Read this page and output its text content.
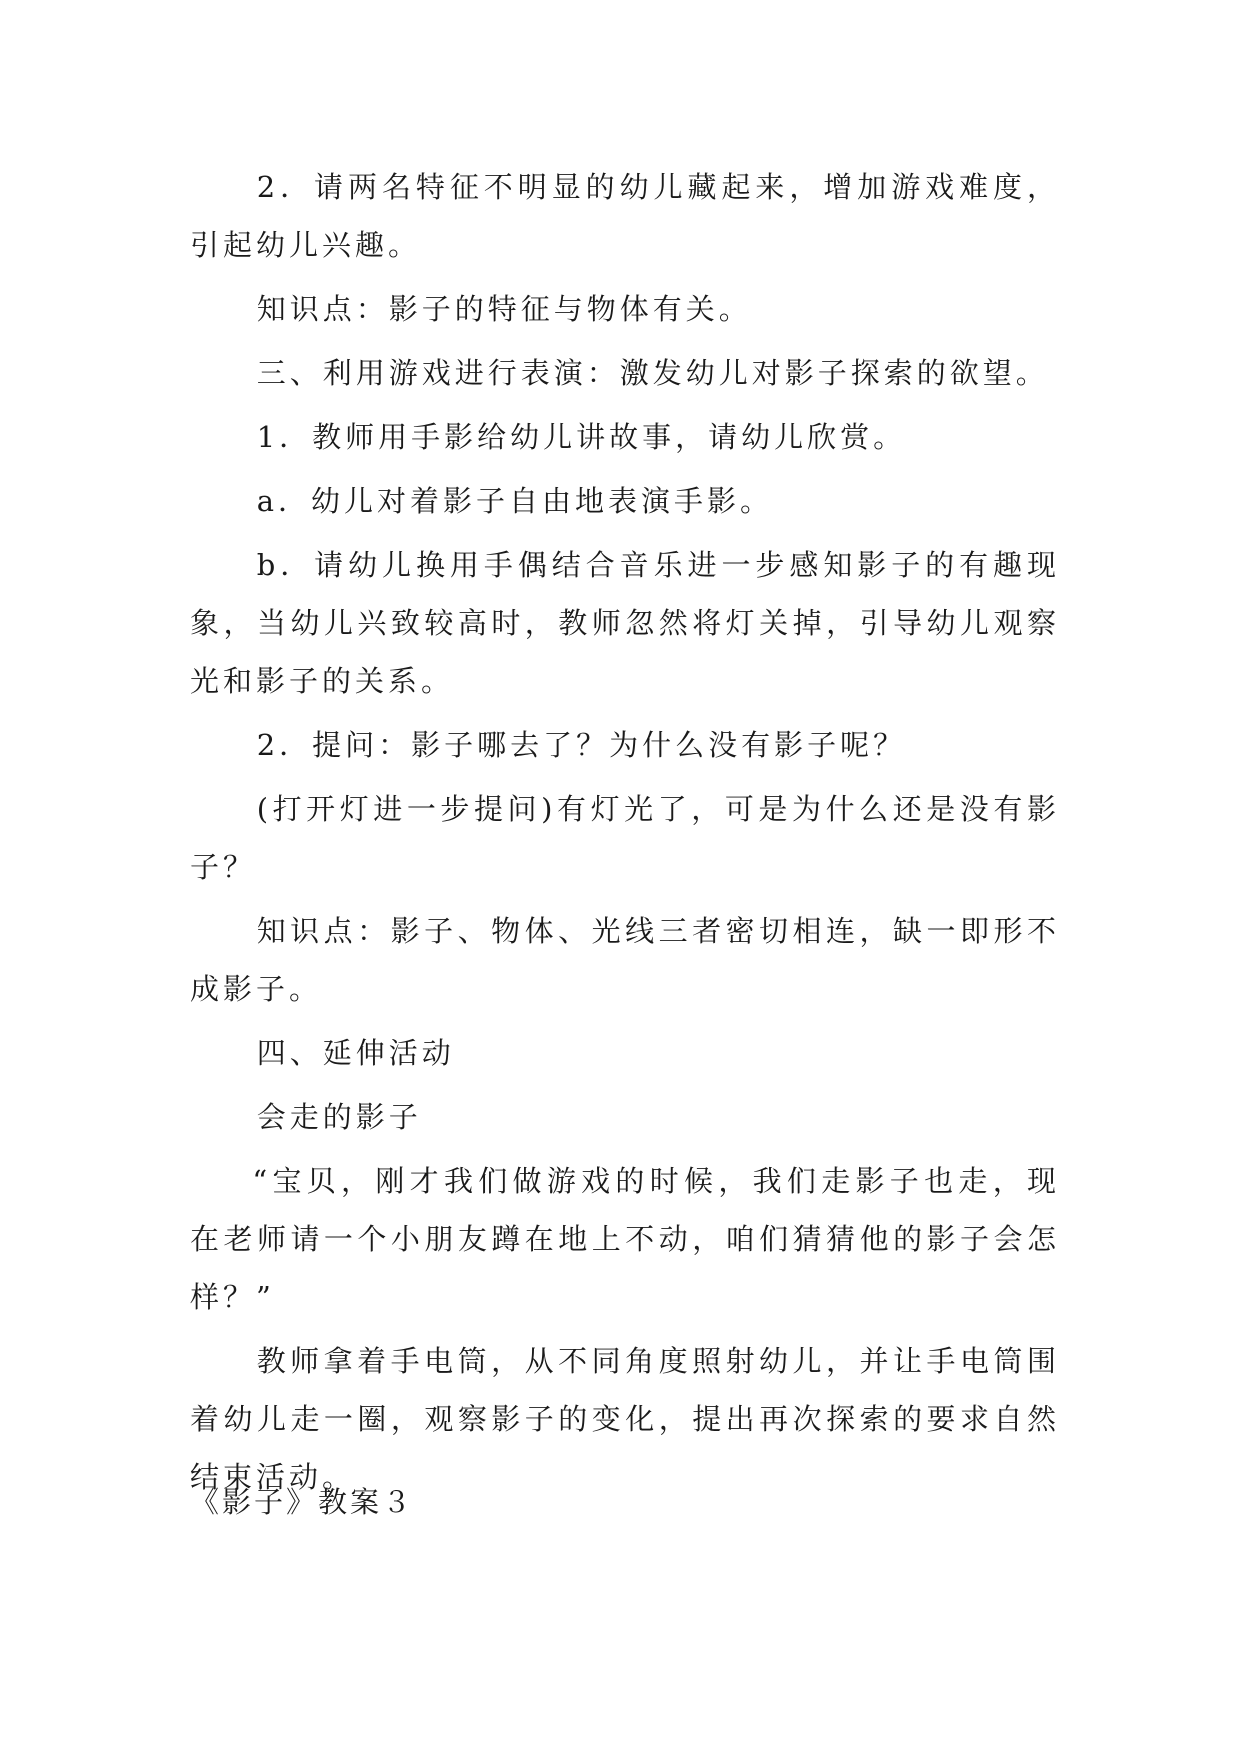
2．请两名特征不明显的幼儿藏起来，增加游戏难度，引起幼儿兴趣。

知识点：影子的特征与物体有关。

三、利用游戏进行表演：激发幼儿对影子探索的欲望。

1．教师用手影给幼儿讲故事，请幼儿欣赏。

a．幼儿对着影子自由地表演手影。

b．请幼儿换用手偶结合音乐进一步感知影子的有趣现象，当幼儿兴致较高时，教师忽然将灯关掉，引导幼儿观察光和影子的关系。

2．提问：影子哪去了？为什么没有影子呢？

(打开灯进一步提问)有灯光了，可是为什么还是没有影子？

知识点：影子、物体、光线三者密切相连，缺一即形不成影子。

四、延伸活动

会走的影子

“宝贝，刚才我们做游戏的时候，我们走影子也走，现在老师请一个小朋友蹲在地上不动，咱们猜猜他的影子会怎样？”

教师拿着手电筒，从不同角度照射幼儿，并让手电筒围着幼儿走一圈，观察影子的变化，提出再次探索的要求自然结束活动。

《影子》教案３
